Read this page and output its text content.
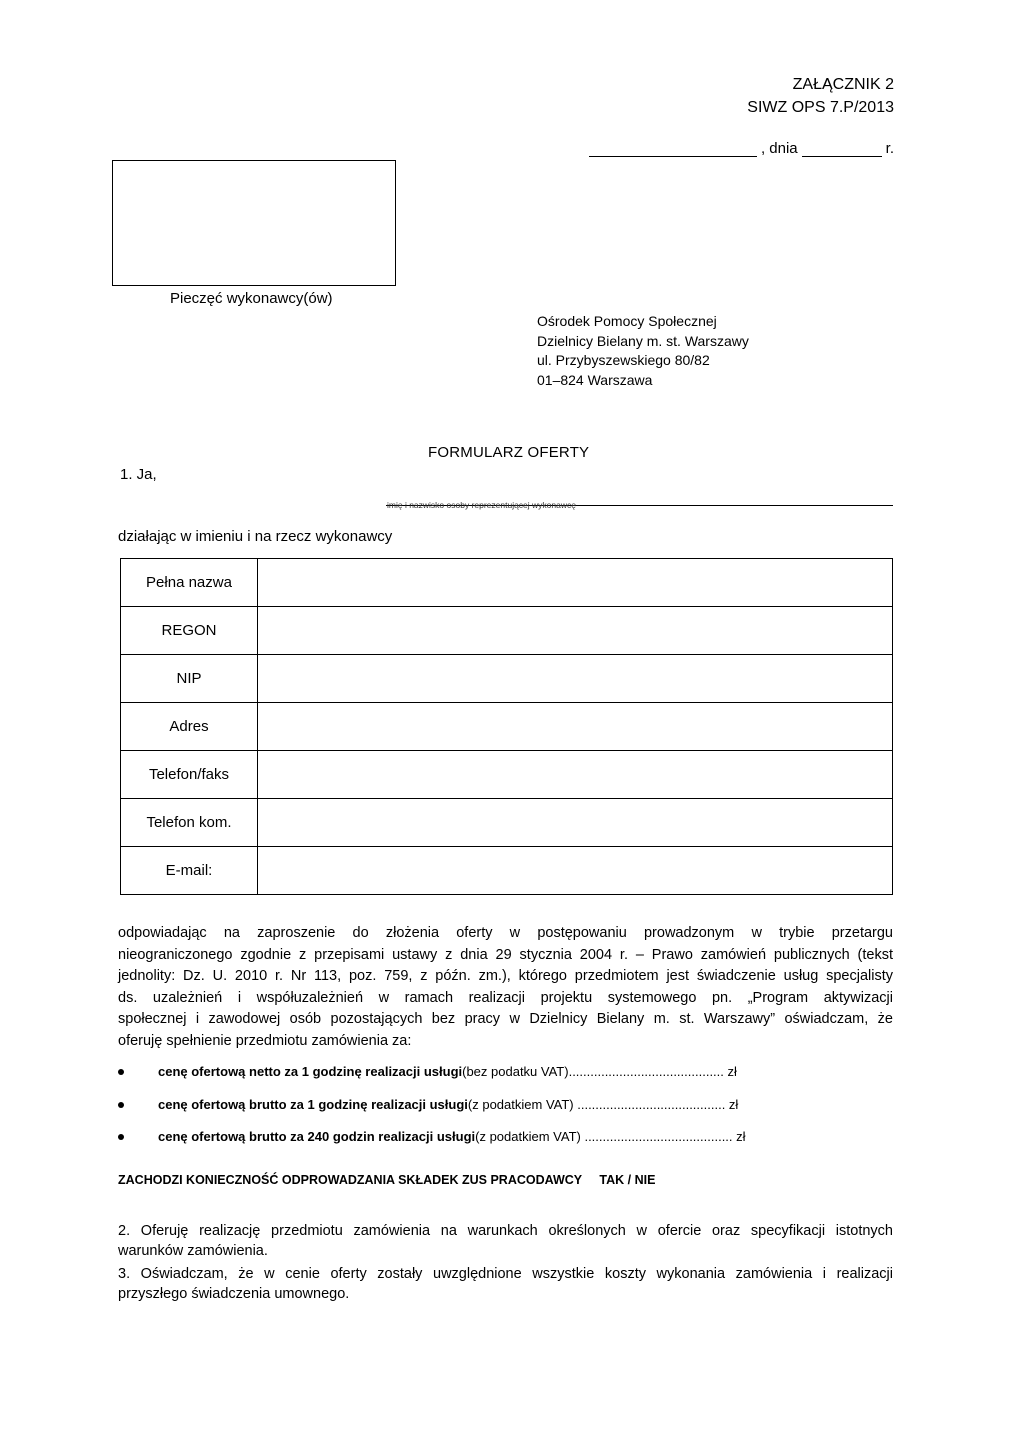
ZAŁĄCZNIK 2
SIWZ OPS 7.P/2013
, dnia	r.
Pieczęć wykonawcy(ów)
Ośrodek Pomocy Społecznej
Dzielnicy Bielany m. st. Warszawy
ul. Przybyszewskiego 80/82
01–824 Warszawa
FORMULARZ OFERTY
1. Ja,
imię i nazwisko osoby reprezentującej wykonawcę
działając w imieniu i na rzecz wykonawcy
Pełna nazwa	
REGON	
NIP	
Adres	
Telefon/faks	
Telefon kom.	
E-mail:	
odpowiadając na zaproszenie do złożenia oferty w postępowaniu prowadzonym w trybie przetargu
nieograniczonego zgodnie z przepisami ustawy z dnia 29 stycznia 2004 r. – Prawo zamówień publicznych (tekst
jednolity: Dz. U. 2010 r. Nr 113, poz. 759, z późn. zm.), którego przedmiotem jest świadczenie usług specjalisty
ds. uzależnień i współuzależnień w ramach realizacji projektu systemowego pn. „Program aktywizacji
społecznej i zawodowej osób pozostających bez pracy w Dzielnicy Bielany m. st. Warszawy” oświadczam, że
oferuję spełnienie przedmiotu zamówienia za:
cenę ofertową netto za 1 godzinę realizacji usługi (bez podatku VAT)........................................... zł
cenę ofertową brutto za 1 godzinę realizacji usługi (z podatkiem VAT) ......................................... zł
cenę ofertową brutto za 240 godzin realizacji usługi (z podatkiem VAT) ......................................... zł
ZACHODZI KONIECZNOŚĆ ODPROWADZANIA SKŁADEK ZUS PRACODAWCY TAK / NIE
2. Oferuję realizację przedmiotu zamówienia na warunkach określonych w ofercie oraz specyfikacji istotnych
warunków zamówienia.
3. Oświadczam, że w cenie oferty zostały uwzględnione wszystkie koszty wykonania zamówienia i realizacji
przyszłego świadczenia umownego.
